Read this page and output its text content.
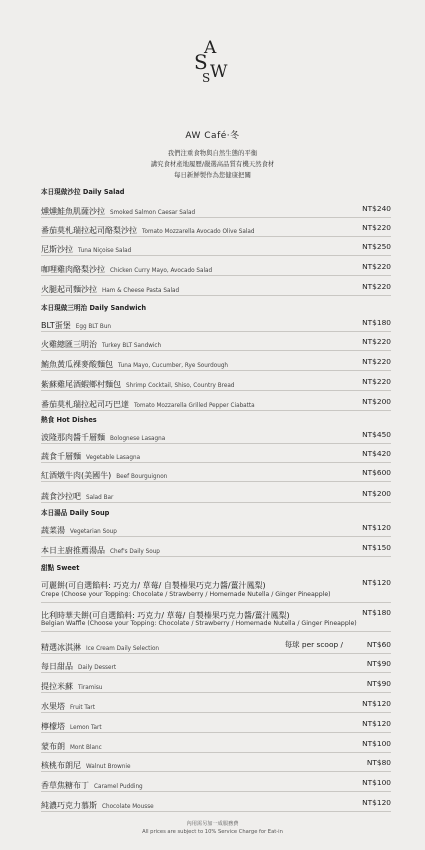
A
S W
S
AW Café‧冬
我們注重食物與自然生態的平衡
講究食材產地履歷/嚴選高品質有機天然食材
每日新鮮製作為您健康把關
本日現做沙拉 Daily Salad
燻燻鮭魚肌薩沙拉 Smoked Salmon Caesar Salad	NT$240
番茄莫札瑞拉起司酪梨沙拉 Tomato Mozzarella Avocado Olive Salad	NT$220
尼斯沙拉 Tuna Niçoise Salad	NT$250
咖哩雞肉酪梨沙拉 Chicken Curry Mayo, Avocado Salad	NT$220
火腿起司麵沙拉 Ham & Cheese Pasta Salad	NT$220
本日現做三明治 Daily Sandwich
BLT蛋堡 Egg BLT Bun	NT$180
火雞總匯三明治 Turkey BLT Sandwich	NT$220
鮪魚黃瓜裸麥酸麵包 Tuna Mayo, Cucumber, Rye Sourdough	NT$220
紫蘇雞尾酒蝦鄉村麵包 Shrimp Cocktail, Shiso, Country Bread	NT$220
番茄莫札瑞拉起司巧巴達 Tomato Mozzarella Grilled Pepper Ciabatta	NT$200
熱食 Hot Dishes
波隆那肉醬千層麵 Bolognese Lasagna	NT$450
蔬食千層麵 Vegetable Lasagna	NT$420
紅酒燉牛肉(美國牛) Beef Bourguignon	NT$600
蔬食沙拉吧 Salad Bar	NT$200
本日湯品 Daily Soup
蔬菜湯 Vegetarian Soup	NT$120
本日主廚推薦湯品 Chef's Daily Soup	NT$150
甜點 Sweet
可麗餅(可自選餡料: 巧克力/ 草莓/ 自製榛果巧克力醬/薑汁鳳梨)	NT$120
Crepe (Choose your Topping: Chocolate / Strawberry / Homemade Nutella / Ginger Pineapple)
比利時華夫餅(可自選餡料: 巧克力/ 草莓/ 自製榛果巧克力醬/薑汁鳳梨)	NT$180
Belgian Waffle (Choose your Topping: Chocolate / Strawberry / Homemade Nutella / Ginger Pineapple)
精選冰淇淋 Ice Cream Daily Selection	每球 per scoop /	NT$60
每日甜品 Daily Dessert	NT$90
提拉米蘇 Tiramisu	NT$90
水果塔 Fruit Tart	NT$120
檸檬塔 Lemon Tart	NT$120
蒙布朗 Mont Blanc	NT$100
核桃布朗尼 Walnut Brownie	NT$80
香草焦糖布丁 Caramel Pudding	NT$100
純濃巧克力慕斯 Chocolate Mousse	NT$120
內用需另加一成服務費
All prices are subject to 10% Service Charge for Eat-in
